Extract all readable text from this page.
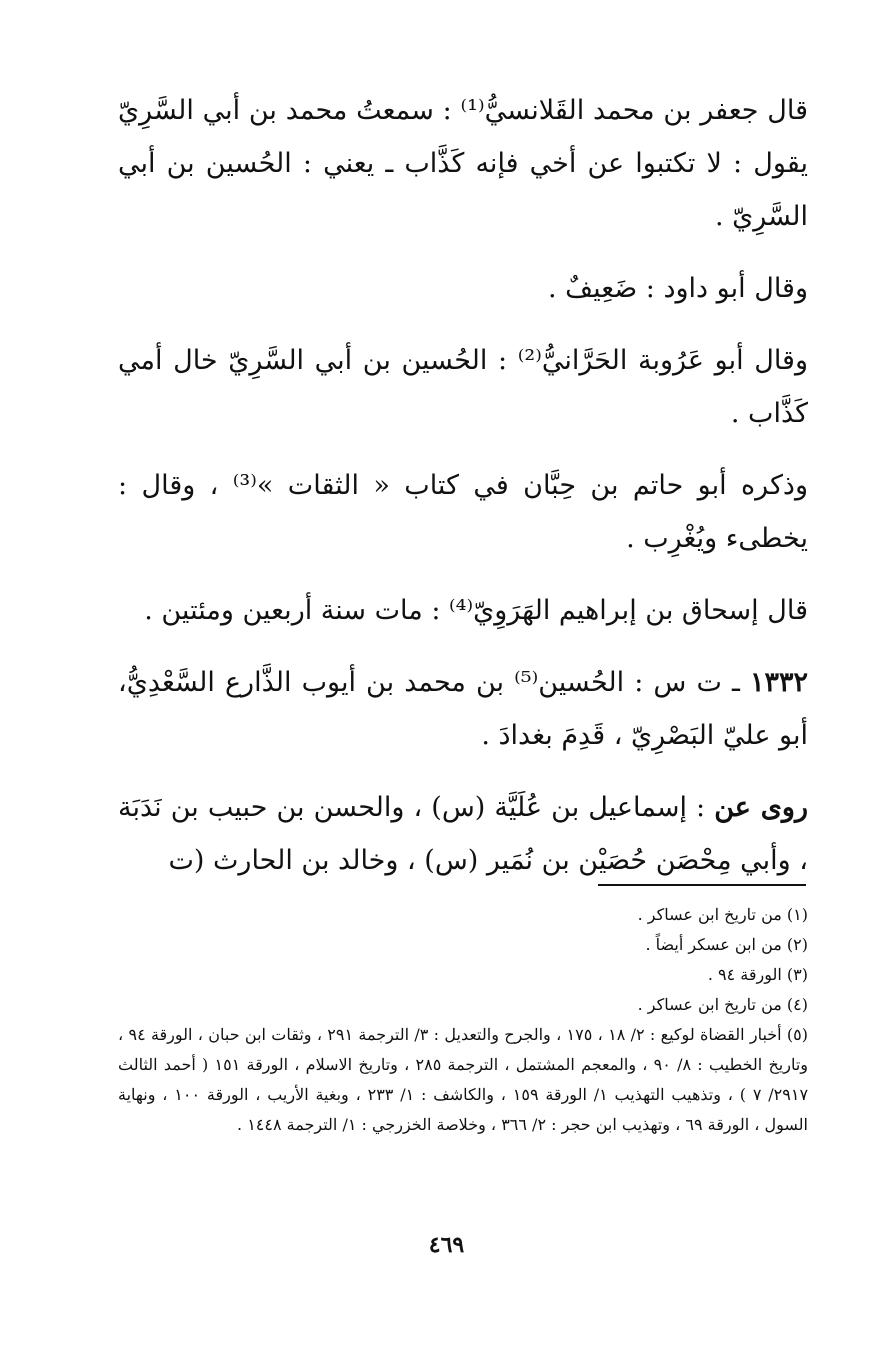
قال جعفر بن محمد القَلانسيُّ⁽¹⁾ : سمعتُ محمد بن أبي السَّرِيّ يقول : لا تكتبوا عن أخي فإنه كَذَّاب ـ يعني : الحُسين بن أبي السَّرِيّ .

وقال أبو داود : ضَعِيفٌ .

وقال أبو عَرُوبة الحَرَّانيُّ⁽²⁾ : الحُسين بن أبي السَّرِيّ خال أمي كَذَّاب .

وذكره أبو حاتم بن حِبَّان في كتاب « الثقات »⁽³⁾ ، وقال : يخطىء ويُغْرِب .

قال إسحاق بن إبراهيم الهَرَوِيّ⁽⁴⁾ : مات سنة أربعين ومئتين .

١٣٣٢ ـ ت س : الحُسين⁽⁵⁾ بن محمد بن أيوب الذَّارع السَّعْدِيُّ، أبو عليّ البَصْرِيّ ، قَدِمَ بغدادَ .

روى عن : إسماعيل بن عُلَيَّة (س) ، والحسن بن حبيب بن نَدَبَة ، وأبي مِحْصَن حُصَيْن بن نُمَير (س) ، وخالد بن الحارث (ت

(١) من تاريخ ابن عساكر .

(٢) من ابن عسكر أيضاً .

(٣) الورقة ٩٤ .

(٤) من تاريخ ابن عساكر .

(٥) أخبار القضاة لوكيع : ٢/ ١٨ ، ١٧٥ ، والجرح والتعديل : ٣/ الترجمة ٢٩١ ، وثقات ابن حبان ، الورقة ٩٤ ، وتاريخ الخطيب : ٨/ ٩٠ ، والمعجم المشتمل ، الترجمة ٢٨٥ ، وتاريخ الاسلام ، الورقة ١٥١ ( أحمد الثالث ٢٩١٧/ ٧ ) ، وتذهيب التهذيب ١/ الورقة ١٥٩ ، والكاشف : ١/ ٢٣٣ ، وبغية الأريب ، الورقة ١٠٠ ، ونهاية السول ، الورقة ٦٩ ، وتهذيب ابن حجر : ٢/ ٣٦٦ ، وخلاصة الخزرجي : ١/ الترجمة ١٤٤٨ .

٤٦٩
